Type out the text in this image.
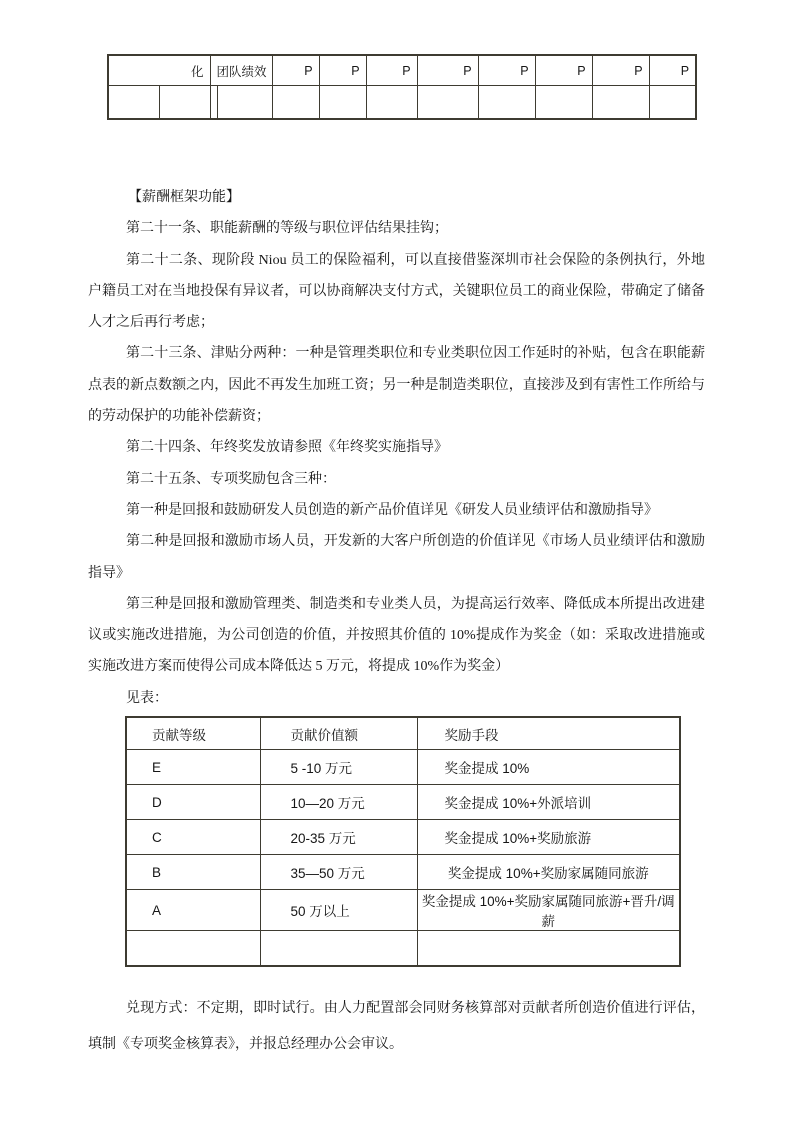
化		团队绩效		P	P	P	P	P	P	P	P

【薪酬框架功能】

第二十一条、职能薪酬的等级与职位评估结果挂钩；

第二十二条、现阶段 Niou 员工的保险福利，可以直接借鉴深圳市社会保险的条例执行，外地户籍员工对在当地投保有异议者，可以协商解决支付方式，关键职位员工的商业保险，带确定了储备人才之后再行考虑；

第二十三条、津贴分两种：一种是管理类职位和专业类职位因工作延时的补贴，包含在职能薪点表的新点数额之内，因此不再发生加班工资；另一种是制造类职位，直接涉及到有害性工作所给与的劳动保护的功能补偿薪资；

第二十四条、年终奖发放请参照《年终奖实施指导》

第二十五条、专项奖励包含三种：

第一种是回报和鼓励研发人员创造的新产品价值详见《研发人员业绩评估和激励指导》

第二种是回报和激励市场人员，开发新的大客户所创造的价值详见《市场人员业绩评估和激励指导》

第三种是回报和激励管理类、制造类和专业类人员，为提高运行效率、降低成本所提出改进建议或实施改进措施，为公司创造的价值，并按照其价值的 10%提成作为奖金（如：采取改进措施或实施改进方案而使得公司成本降低达 5 万元，将提成 10%作为奖金）

见表：

贡献等级	贡献价值额	奖励手段
E	5 -10 万元	奖金提成 10%
D	10—20 万元	奖金提成 10%+外派培训
C	20-35 万元	奖金提成 10%+奖励旅游
B	35—50 万元	奖金提成 10%+奖励家属随同旅游
A	50 万以上	奖金提成 10%+奖励家属随同旅游+晋升/调薪

兑现方式：不定期，即时试行。由人力配置部会同财务核算部对贡献者所创造价值进行评估，填制《专项奖金核算表》，并报总经理办公会审议。
